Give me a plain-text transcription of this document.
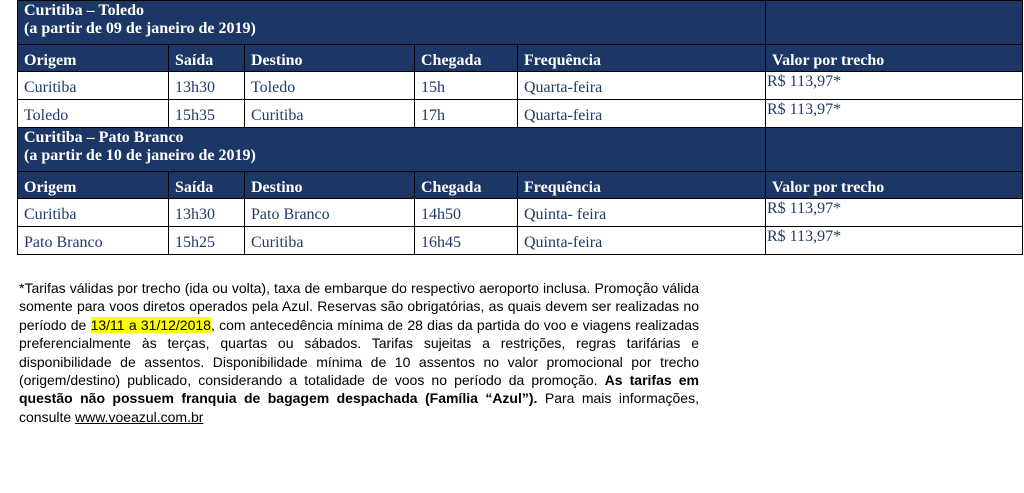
Curitiba – Toledo
(a partir de 09 de janeiro de 2019)					

Origem	Saída	Destino	Chegada	Frequência	Valor por trecho
Curitiba	13h30	Toledo	15h	Quarta-feira	R$ 113,97*
Toledo	15h35	Curitiba	17h	Quarta-feira	R$ 113,97*

Curitiba – Pato Branco
(a partir de 10 de janeiro de 2019)					

Origem	Saída	Destino	Chegada	Frequência	Valor por trecho
Curitiba	13h30	Pato Branco	14h50	Quinta- feira	R$ 113,97*
Pato Branco	15h25	Curitiba	16h45	Quinta-feira	R$ 113,97*
*Tarifas válidas por trecho (ida ou volta), taxa de embarque do respectivo aeroporto inclusa. Promoção válida somente para voos diretos operados pela Azul. Reservas são obrigatórias, as quais devem ser realizadas no período de 13/11 a 31/12/2018, com antecedência mínima de 28 dias da partida do voo e viagens realizadas preferencialmente às terças, quartas ou sábados. Tarifas sujeitas a restrições, regras tarifárias e disponibilidade de assentos. Disponibilidade mínima de 10 assentos no valor promocional por trecho (origem/destino) publicado, considerando a totalidade de voos no período da promoção. As tarifas em questão não possuem franquia de bagagem despachada (Família “Azul”). Para mais informações, consulte www.voeazul.com.br
